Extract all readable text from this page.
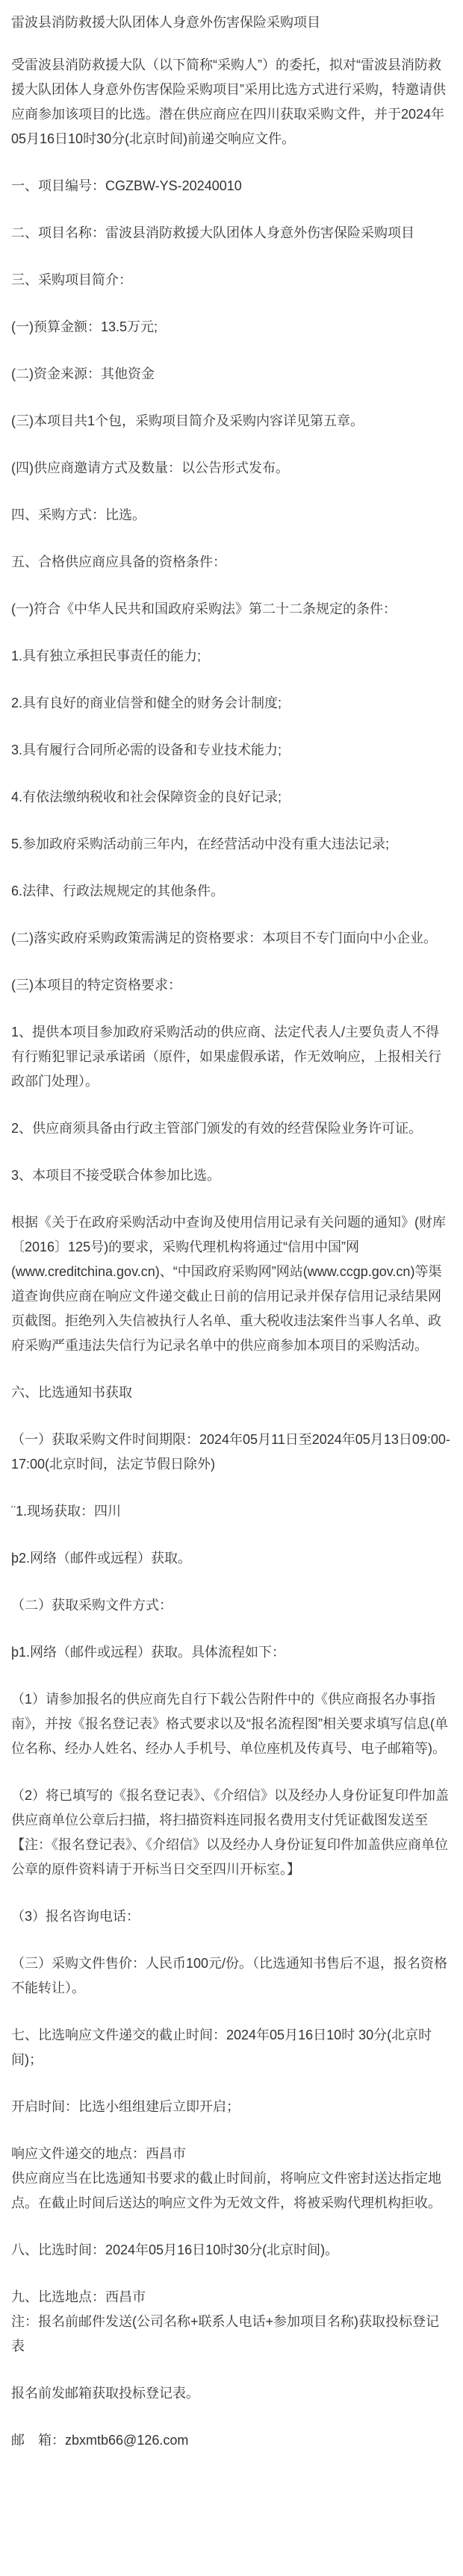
雷波县消防救援大队团体人身意外伤害保险采购项目

受雷波县消防救援大队（以下简称“采购人”）的委托，拟对“雷波县消防救援大队团体人身意外伤害保险采购项目”采用比选方式进行采购，特邀请供应商参加该项目的比选。潜在供应商应在四川获取采购文件，并于2024年05月16日10时30分(北京时间)前递交响应文件。

一、项目编号：CGZBW-YS-20240010

二、项目名称：雷波县消防救援大队团体人身意外伤害保险采购项目

三、采购项目简介：

(一)预算金额：13.5万元;

(二)资金来源：其他资金

(三)本项目共1个包，采购项目简介及采购内容详见第五章。

(四)供应商邀请方式及数量：以公告形式发布。

四、采购方式：比选。

五、合格供应商应具备的资格条件：

(一)符合《中华人民共和国政府采购法》第二十二条规定的条件：

1.具有独立承担民事责任的能力;

2.具有良好的商业信誉和健全的财务会计制度;

3.具有履行合同所必需的设备和专业技术能力;

4.有依法缴纳税收和社会保障资金的良好记录;

5.参加政府采购活动前三年内，在经营活动中没有重大违法记录;

6.法律、行政法规规定的其他条件。

(二)落实政府采购政策需满足的资格要求：本项目不专门面向中小企业。

(三)本项目的特定资格要求：

1、提供本项目参加政府采购活动的供应商、法定代表人/主要负责人不得有行贿犯罪记录承诺函（原件，如果虚假承诺，作无效响应，上报相关行政部门处理）。

2、供应商须具备由行政主管部门颁发的有效的经营保险业务许可证。

3、本项目不接受联合体参加比选。

根据《关于在政府采购活动中查询及使用信用记录有关问题的通知》(财库〔2016〕125号)的要求，采购代理机构将通过“信用中国”网(www.creditchina.gov.cn)、“中国政府采购网”网站(www.ccgp.gov.cn)等渠道查询供应商在响应文件递交截止日前的信用记录并保存信用记录结果网页截图。拒绝列入失信被执行人名单、重大税收违法案件当事人名单、政府采购严重违法失信行为记录名单中的供应商参加本项目的采购活动。

六、比选通知书获取

（一）获取采购文件时间期限：2024年05月11日至2024年05月13日09:00-17:00(北京时间，法定节假日除外)

¨1.现场获取：四川

þ2.网络（邮件或远程）获取。

（二）获取采购文件方式：

þ1.网络（邮件或远程）获取。具体流程如下：

（1）请参加报名的供应商先自行下载公告附件中的《供应商报名办事指南》，并按《报名登记表》格式要求以及“报名流程图”相关要求填写信息(单位名称、经办人姓名、经办人手机号、单位座机及传真号、电子邮箱等)。

（2）将已填写的《报名登记表》、《介绍信》以及经办人身份证复印件加盖供应商单位公章后扫描，将扫描资料连同报名费用支付凭证截图发送至【注：《报名登记表》、《介绍信》以及经办人身份证复印件加盖供应商单位公章的原件资料请于开标当日交至四川开标室。】

（3）报名咨询电话：

（三）采购文件售价：人民币100元/份。（比选通知书售后不退，报名资格不能转让）。

七、比选响应文件递交的截止时间：2024年05月16日10时 30分(北京时间)；

开启时间：比选小组组建后立即开启；

响应文件递交的地点：西昌市
供应商应当在比选通知书要求的截止时间前，将响应文件密封送达指定地点。在截止时间后送达的响应文件为无效文件，将被采购代理机构拒收。

八、比选时间：2024年05月16日10时30分(北京时间)。

九、比选地点：西昌市
注：报名前邮件发送(公司名称+联系人电话+参加项目名称)获取投标登记表

报名前发邮箱获取投标登记表。

邮　箱：zbxmtb66@126.com
